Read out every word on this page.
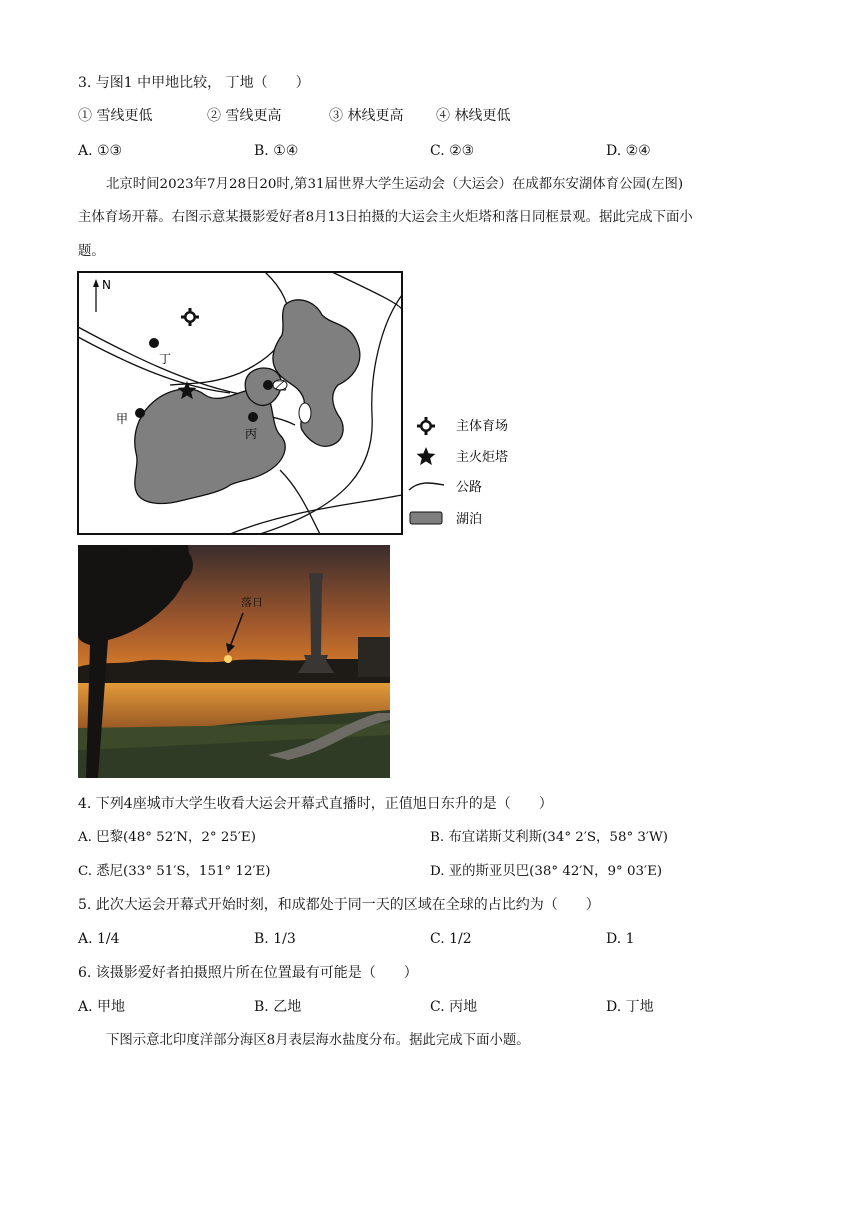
3. 与图1 中甲地比较， 丁地（　　）
① 雪线更低	② 雪线更高	③ 林线更高 ④ 林线更低
A. ①③	B. ①④	C. ②③	D. ②④
北京时间2023年7月28日20时,第31届世界大学生运动会（大运会）在成都东安湖体育公园(左图)
主体育场开幕。右图示意某摄影爱好者8月13日拍摄的大运会主火炬塔和落日同框景观。据此完成下面小
题。
N
丁
甲
乙
丙	主体育场
主火炬塔
公路
湖泊
落日
4. 下列4座城市大学生收看大运会开幕式直播时，正值旭日东升的是（　　）
A. 巴黎(48° 52′N，2° 25′E)	B. 布宜诺斯艾利斯(34° 2′S，58° 3′W)
C. 悉尼(33° 51′S，151° 12′E)	D. 亚的斯亚贝巴(38° 42′N，9° 03′E)
5. 此次大运会开幕式开始时刻，和成都处于同一天的区域在全球的占比约为（　　）
A. 1/4	B. 1/3	C. 1/2	D. 1
6. 该摄影爱好者拍摄照片所在位置最有可能是（　　）
A. 甲地	B. 乙地	C. 丙地	D. 丁地
下图示意北印度洋部分海区8月表层海水盐度分布。据此完成下面小题。
